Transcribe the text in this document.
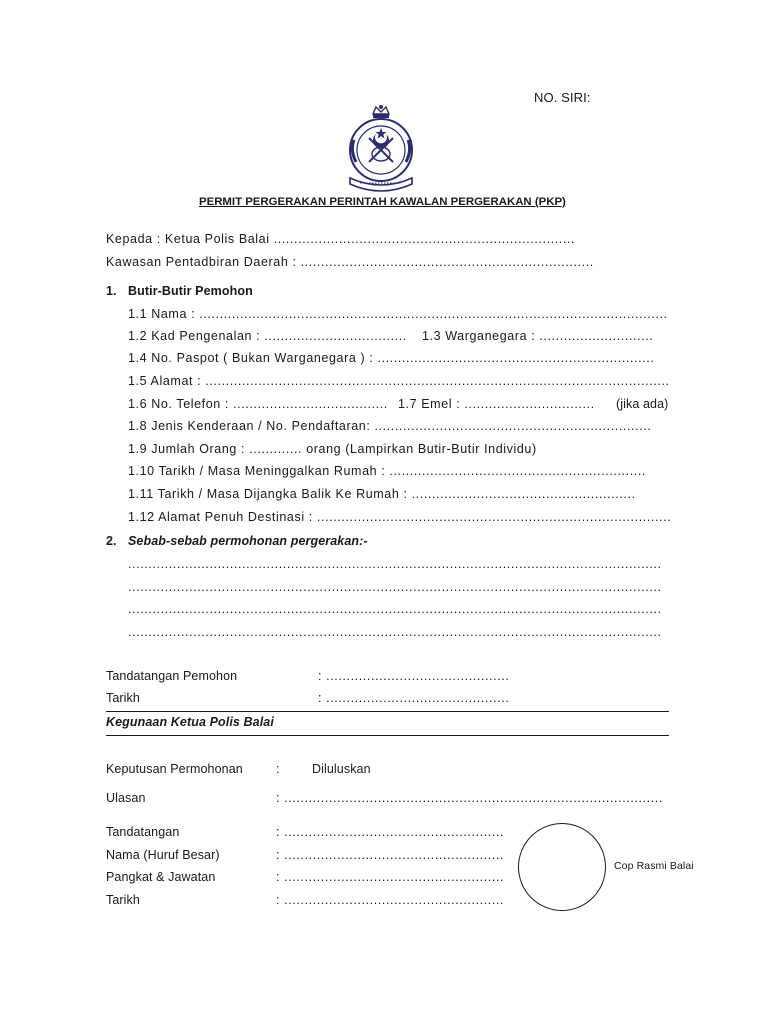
NO. SIRI:
PERMIT PERGERAKAN PERINTAH KAWALAN PERGERAKAN (PKP)
Kepada : Ketua Polis Balai ..........................................................................
Kawasan Pentadbiran Daerah : ........................................................................
1. Butir-Butir Pemohon
1.1 Nama : ...................................................................................................................
1.2 Kad Pengenalan : ................................... 1.3 Warganegara : ............................
1.4 No. Paspot ( Bukan Warganegara ) : ....................................................................
1.5 Alamat : ..................................................................................................................
1.6 No. Telefon : ...................................... 1.7 Emel : ................................ (jika ada)
1.8 Jenis Kenderaan / No. Pendaftaran: ....................................................................
1.9 Jumlah Orang : ............. orang (Lampirkan Butir-Butir Individu)
1.10 Tarikh / Masa Meninggalkan Rumah : ...............................................................
1.11 Tarikh / Masa Dijangka Balik Ke Rumah : .......................................................
1.12 Alamat Penuh Destinasi : .......................................................................................
2. Sebab-sebab permohonan pergerakan:-
...................................................................................................................................
...................................................................................................................................
...................................................................................................................................
...................................................................................................................................
Tandatangan Pemohon	: .............................................
Tarikh	: .............................................
Kegunaan Ketua Polis Balai
Keputusan Permohonan	:	Diluluskan
Ulasan	: .............................................................................................
Tandatangan	: ......................................................
Nama (Huruf Besar)	: ......................................................
Pangkat & Jawatan	: ......................................................
Tarikh	: ......................................................
Cop Rasmi Balai
